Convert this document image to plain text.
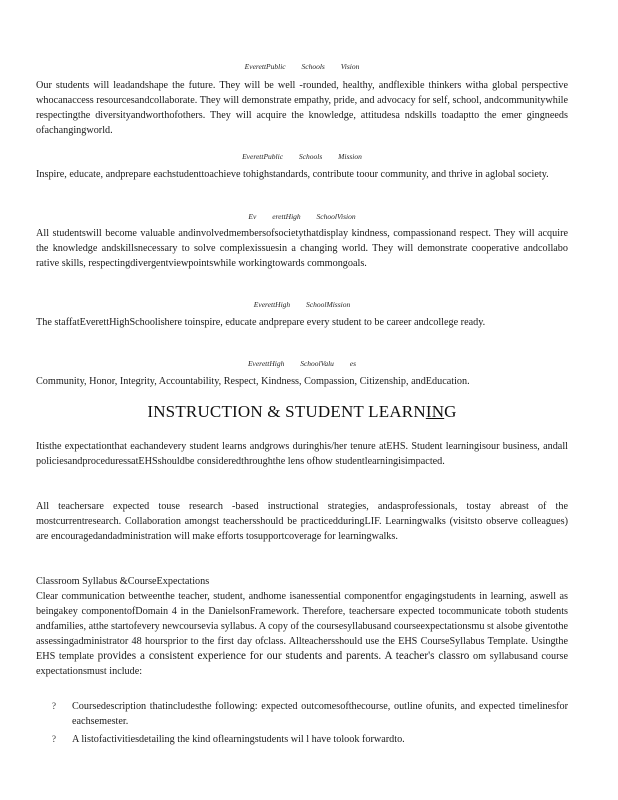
EverettPublic Schools Vision
Our students will leadandshape the future. They will be well -rounded, healthy, andflexible thinkers witha global perspective whocanaccess resourcesandcollaborate. They will demonstrate empathy, pride, and advocacy for self, school, andcommunitywhile respectingthe diversityandworthofothers. They will acquire the knowledge, attitudesa ndskills toadaptto the emer gingneeds ofachangingworld.
EverettPublic Schools Mission
Inspire, educate, andprepare eachstudenttoachieve tohighstandards, contribute toour community, and thrive in aglobal society.
Ev erettHigh SchoolVision
All studentswill become valuable andinvolvedmembersofsocietythatdisplay kindness, compassionand respect. They will acquire the knowledge andskillsnecessary to solve complexissuesin a changing world. They will demonstrate cooperative andcollabo rative skills, respectingdivergentviewpointswhile workingtowards commongoals.
EverettHigh SchoolMission
The staffatEverettHighSchoolishere toinspire, educate andprepare every student to be career andcollege ready.
EverettHigh SchoolValu es
Community, Honor, Integrity, Accountability, Respect, Kindness, Compassion, Citizenship, andEducation.
INSTRUCTION & STUDENT LEARNING
Itisthe expectationthat eachandevery student learns andgrows duringhis/her tenure atEHS. Student learningisour business, andall policiesandproceduressatEHSshouldbe consideredthroughthe lens ofhow studentlearningisimpacted.
All teachersare expected touse research -based instructional strategies, andasprofessionals, tostay abreast of the mostcurrentresearch. Collaboration amongst teachersshould be practicedduringLIF. Learningwalks (visitsto observe colleagues) are encouragedandadministration will make efforts tosupportcoverage for learningwalks.
Classroom Syllabus &CourseExpectations
Clear communication betweenthe teacher, student, andhome isanessential componentfor engagingstudents in learning, aswell as beingakey componentofDomain 4 in the DanielsonFramework. Therefore, teachersare expected tocommunicate toboth students andfamilies, atthe startofevery newcoursevia syllabus. A copy of the coursesyllabusand courseexpectationsmu st alsobe giventothe assessingadministrator 48 hoursprior to the first day ofclass. Allteachersshould use the EHS CourseSyllabus Template. Usingthe EHS template provides a consistent experience for our students and parents. A teacher's classro om syllabusand course expectationsmust include:
?	Coursedescription thatincludesthe following: expected outcomesofthecourse, outline ofunits, and expected timelinesfor eachsemester.
?	A listofactivitiesdetailing the kind oflearningstudents wil l have tolook forwardto.
